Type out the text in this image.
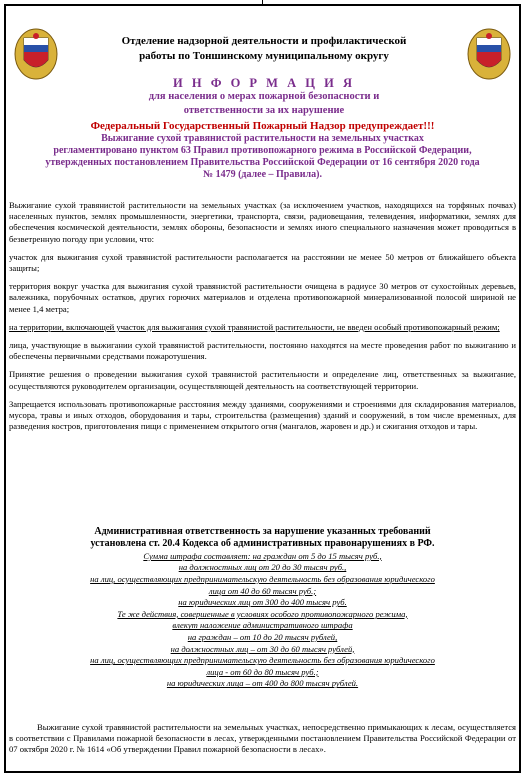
Отделение надзорной деятельности и профилактической
работы по Тоншинскому муниципальному округу
И Н Ф О Р М А Ц И Я
для населения о мерах пожарной безопасности и
ответственности за их нарушение
Федеральный Государственный Пожарный Надзор предупреждает!!!
Выжигание сухой травянистой растительности на земельных участках
регламентировано пунктом 63 Правил противопожарного режима в Российской Федерации,
утвержденных постановлением Правительства Российской Федерации от 16 сентября 2020 года
№ 1479 (далее – Правила).

Выжигание сухой травянистой растительности на земельных участках (за исключением участков, находящихся на торфяных почвах) населенных пунктов, землях промышленности, энергетики, транспорта, связи, радиовещания, телевидения, информатики, землях для обеспечения космической деятельности, землях обороны, безопасности и землях иного специального назначения может проводиться в безветренную погоду при условии, что:

участок для выжигания сухой травянистой растительности располагается на расстоянии не менее 50 метров от ближайшего объекта защиты;

территория вокруг участка для выжигания сухой травянистой растительности очищена в радиусе 30 метров от сухостойных деревьев, валежника, порубочных остатков, других горючих материалов и отделена противопожарной минерализованной полосой шириной не менее 1,4 метра;

на территории, включающей участок для выжигания сухой травянистой растительности, не введен особый противопожарный режим;

лица, участвующие в выжигании сухой травянистой растительности, постоянно находятся на месте проведения работ по выжиганию и обеспечены первичными средствами пожаротушения.

Принятие решения о проведении выжигания сухой травянистой растительности и определение лиц, ответственных за выжигание, осуществляются руководителем организации, осуществляющей деятельность на соответствующей территории.

Запрещается использовать противопожарные расстояния между зданиями, сооружениями и строениями для складирования материалов, мусора, травы и иных отходов, оборудования и тары, строительства (размещения) зданий и сооружений, в том числе временных, для разведения костров, приготовления пищи с применением открытого огня (мангалов, жаровен и др.) и сжигания отходов и тары.

Административная ответственность за нарушение указанных требований

установлена ст. 20.4 Кодекса об административных правонарушениях в РФ.

Сумма штрафа составляет: на граждан от 5 до 15 тысяч руб.,

на должностных лиц от 20 до 30 тысяч руб.,

на лиц, осуществляющих предпринимательскую деятельность без образования юридического

лица от 40 до 60 тысяч руб.;

на юридических лиц от 300 до 400 тысяч руб.

Те же действия, совершенные в условиях особого противопожарного режима,

влекут наложение административного штрафа

на граждан – от 10 до 20 тысяч рублей,

на должностных лиц – от 30 до 60 тысяч рублей,

на лиц, осуществляющих предпринимательскую деятельность без образования юридического

лица - от 60 до 80 тысяч руб.;

на юридических лица – от 400 до 800 тысяч рублей.

Выжигание сухой травянистой растительности на земельных участках, непосредственно примыкающих к лесам, осуществляется в соответствии с Правилами пожарной безопасности в лесах, утвержденными постановлением Правительства Российской Федерации от 07 октября 2020 г. № 1614 «Об утверждении Правил пожарной безопасности в лесах».
